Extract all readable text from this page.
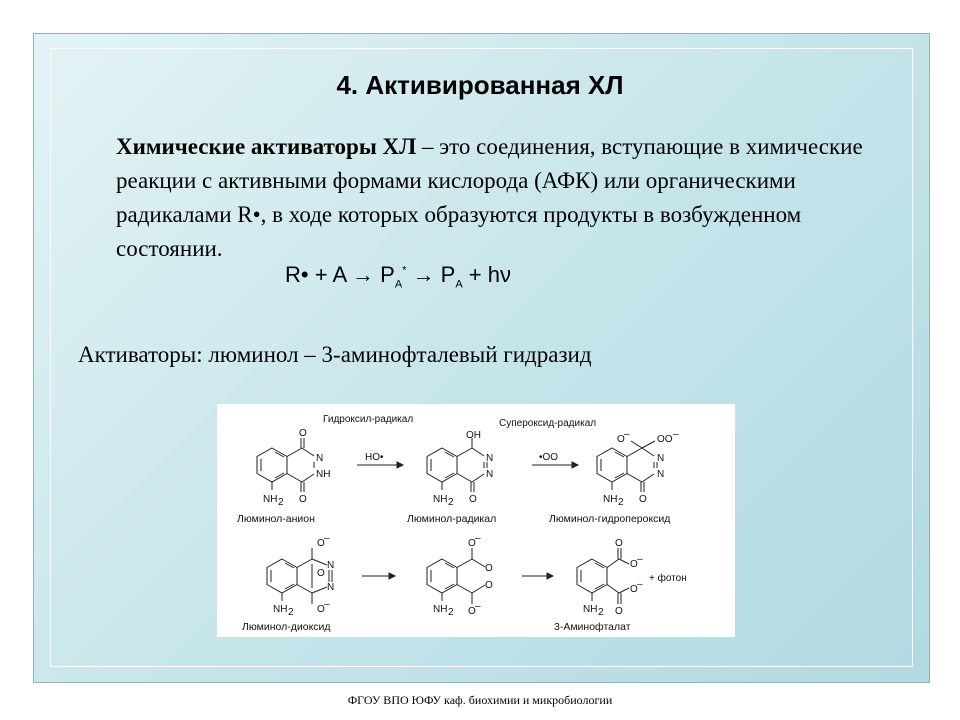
4. Активированная ХЛ
Химические активаторы ХЛ – это соединения, вступающие в химические реакции с активными формами кислорода (АФК) или органическими радикалами R•, в ходе которых образуются продукты в возбужденном состоянии.
R• + $A \to P_A^* \to P_A + h\nu$
Активаторы: люминол – 3-аминофталевый гидразид
Гидроксил-радикал	Супероксид-радикал
HO•	•OO
O
N
NH
O
NH 2
OH
N
N
O
NH 2
O –	OO –
N
N
O
NH 2
O –
N
O
N
O –
NH 2
O –
O
O
O –
NH 2
O
O –
O –
O
NH 2
+ фотон
Люминол-анион	Люминол-радикал	Люминол-гидропероксид
Люминол-диоксид	3-Аминофталат
ФГОУ ВПО ЮФУ каф. биохимии и микробиологии
